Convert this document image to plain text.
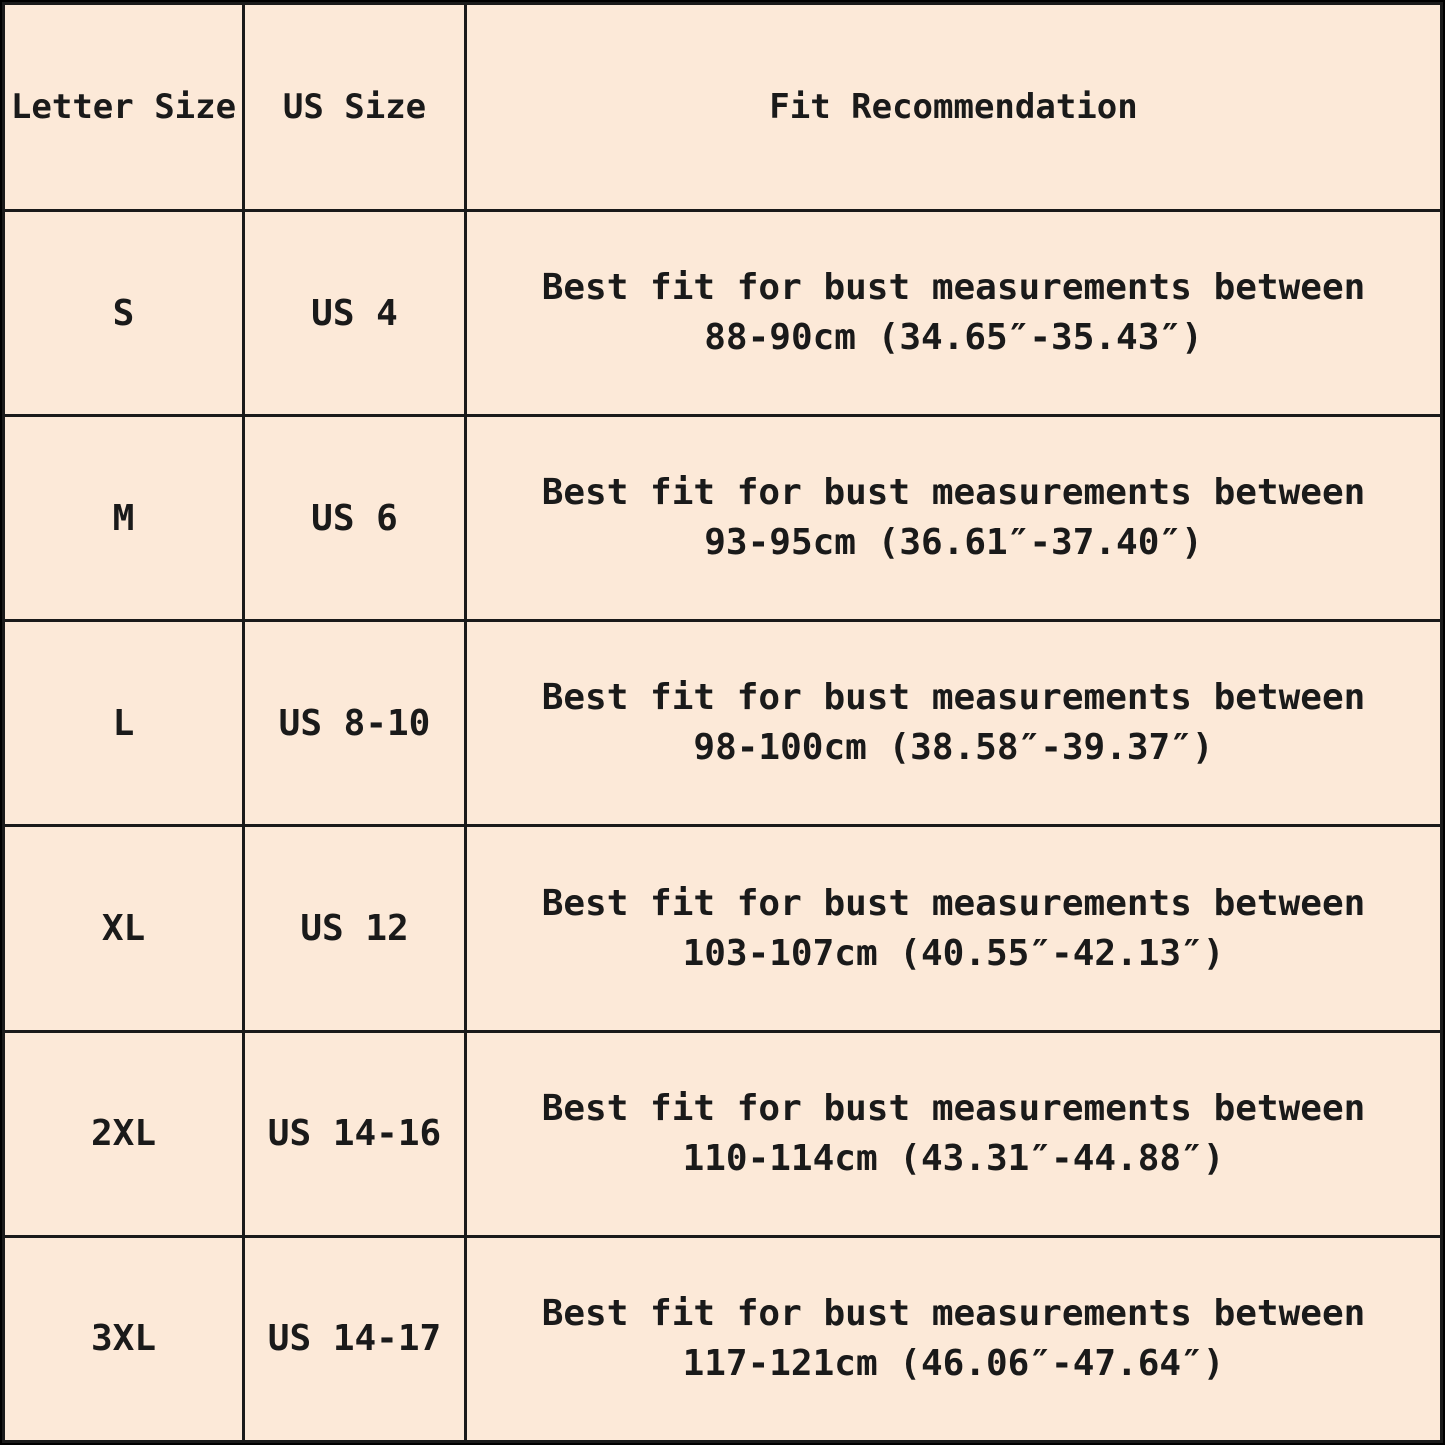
Letter Size	US Size	Fit Recommendation
S	US 4	Best fit for bust measurements between
88-90cm (34.65″-35.43″)

M	US 6	Best fit for bust measurements between
93-95cm (36.61″-37.40″)

L	US 8-10	Best fit for bust measurements between
98-100cm (38.58″-39.37″)

XL	US 12	Best fit for bust measurements between
103-107cm (40.55″-42.13″)

2XL	US 14-16	Best fit for bust measurements between
110-114cm (43.31″-44.88″)

3XL	US 14-17	Best fit for bust measurements between
117-121cm (46.06″-47.64″)
